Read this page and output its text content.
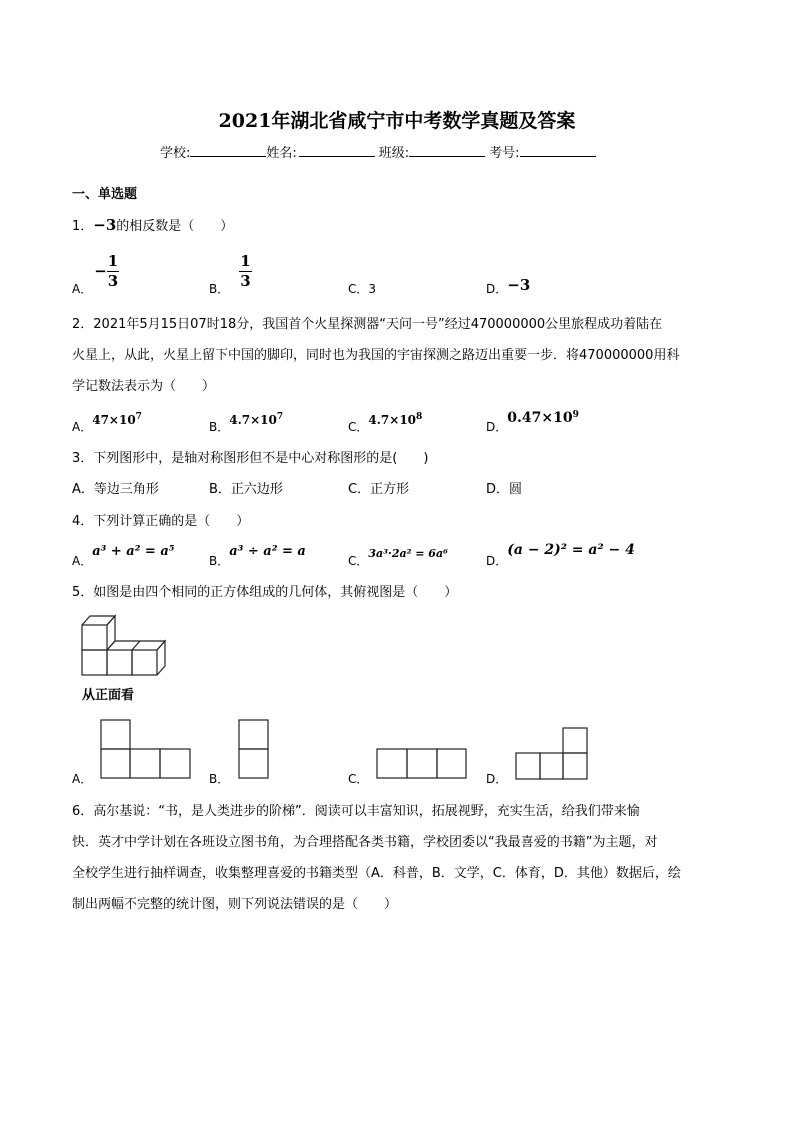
2021年湖北省咸宁市中考数学真题及答案
学校:	姓名:	班级:	考号:
一、单选题
1．−3的相反数是（　　）
A．− $\frac{1}{3}$	B． $\frac{1}{3}$	C．3	D．−3
2．2021年5月15日07时18分，我国首个火星探测器“天问一号”经过470000000公里旅程成功着陆在
火星上，从此，火星上留下中国的脚印，同时也为我国的宇宙探测之路迈出重要一步．将470000000用科
学记数法表示为（　　）
A．$47\times 10^7$
B．$4.7\times 10^7$
C．$4.7\times 10^8$
D．$0.47\times 10^9$
3．下列图形中，是轴对称图形但不是中心对称图形的是(　　)
A．等边三角形	B．正六边形	C．正方形	D．圆
4．下列计算正确的是（　　）
A．a³ + a² = a⁵
B．a³ ÷ a² = a
C．3a³·2a² = 6a⁶
D．(a − 2)² = a² − 4
5．如图是由四个相同的正方体组成的几何体，其俯视图是（　　）
从正面看
A．	B．	C．	D．
6．高尔基说：“书，是人类进步的阶梯”．阅读可以丰富知识，拓展视野，充实生活，给我们带来愉
快．英才中学计划在各班设立图书角，为合理搭配各类书籍，学校团委以“我最喜爱的书籍”为主题，对
全校学生进行抽样调查，收集整理喜爱的书籍类型（A．科普，B．文学，C．体育，D．其他）数据后，绘
制出两幅不完整的统计图，则下列说法错误的是（　　）
